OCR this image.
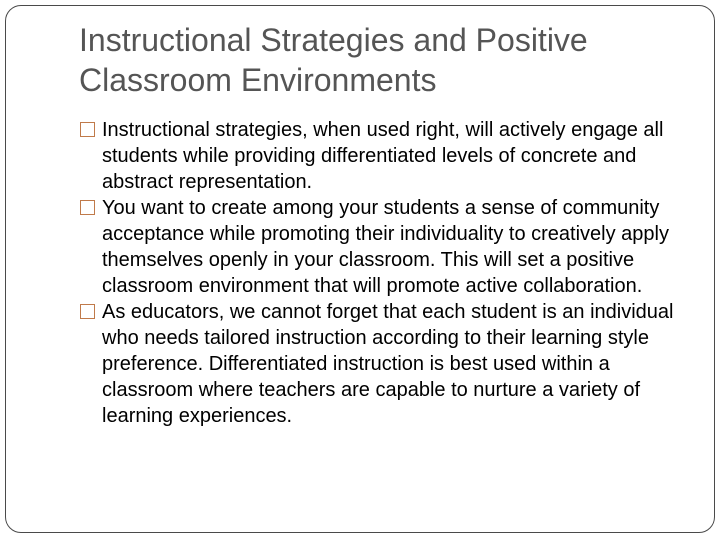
Instructional Strategies and Positive Classroom Environments
Instructional strategies, when used right, will actively engage all students while providing differentiated levels of concrete and abstract representation.
You want to create among your students a sense of community acceptance while promoting their individuality to creatively apply themselves openly in your classroom. This will set a positive classroom environment that will promote active collaboration.
As educators, we cannot forget that each student is an individual who needs tailored instruction according to their learning style preference. Differentiated instruction is best used within a classroom where teachers are capable to nurture a variety of learning experiences.
